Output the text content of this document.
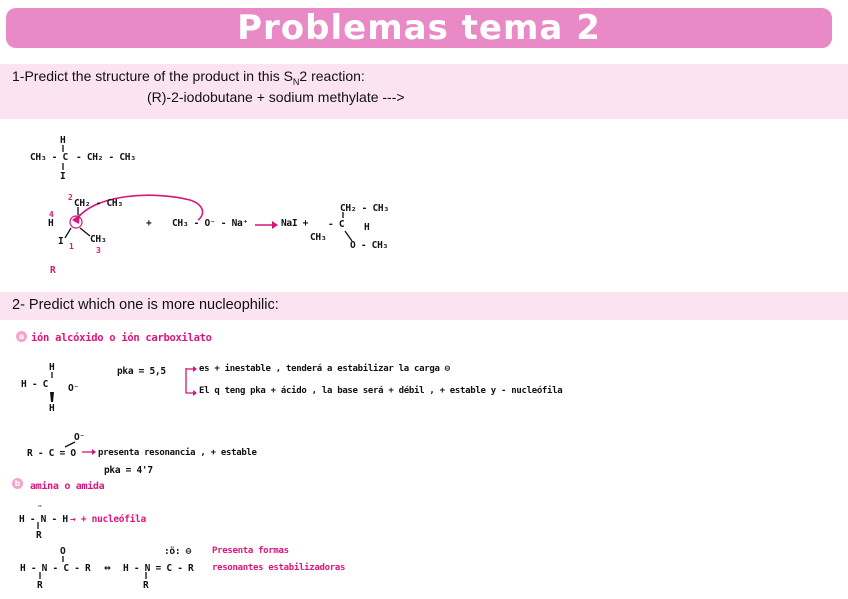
Problemas tema 2
1-Predict the structure of the product in this $S_N2$ reaction:
(R)-2-iodobutane + sodium methylate --->
H
CH₃ - C - CH₂ - CH₃
I
2
CH₂ - CH₃
4
H
I 1
CH₃
3
+ CH₃ - O⁻ - Na⁺	NaI +
CH₂ - CH₃
- C H
CH₃
O - CH₃
R
2- Predict which one is more nucleophilic:
a ión alcóxido o ión carboxilato
H
H - C O⁻
H
pka = 5,5	es + inestable , tenderá a estabilizar la carga ⊖
El q teng pka + ácido , la base será + débil , + estable y - nucleófila
O⁻
R - C = O presenta resonancia , + estable
pka = 4'7
b amina o amida
¨
H - N - H
R
→ + nucleófila
O
H - N - C - R
R
↔
:ö: ⊖
H - N = C - R
R
Presenta formas
resonantes estabilizadoras
